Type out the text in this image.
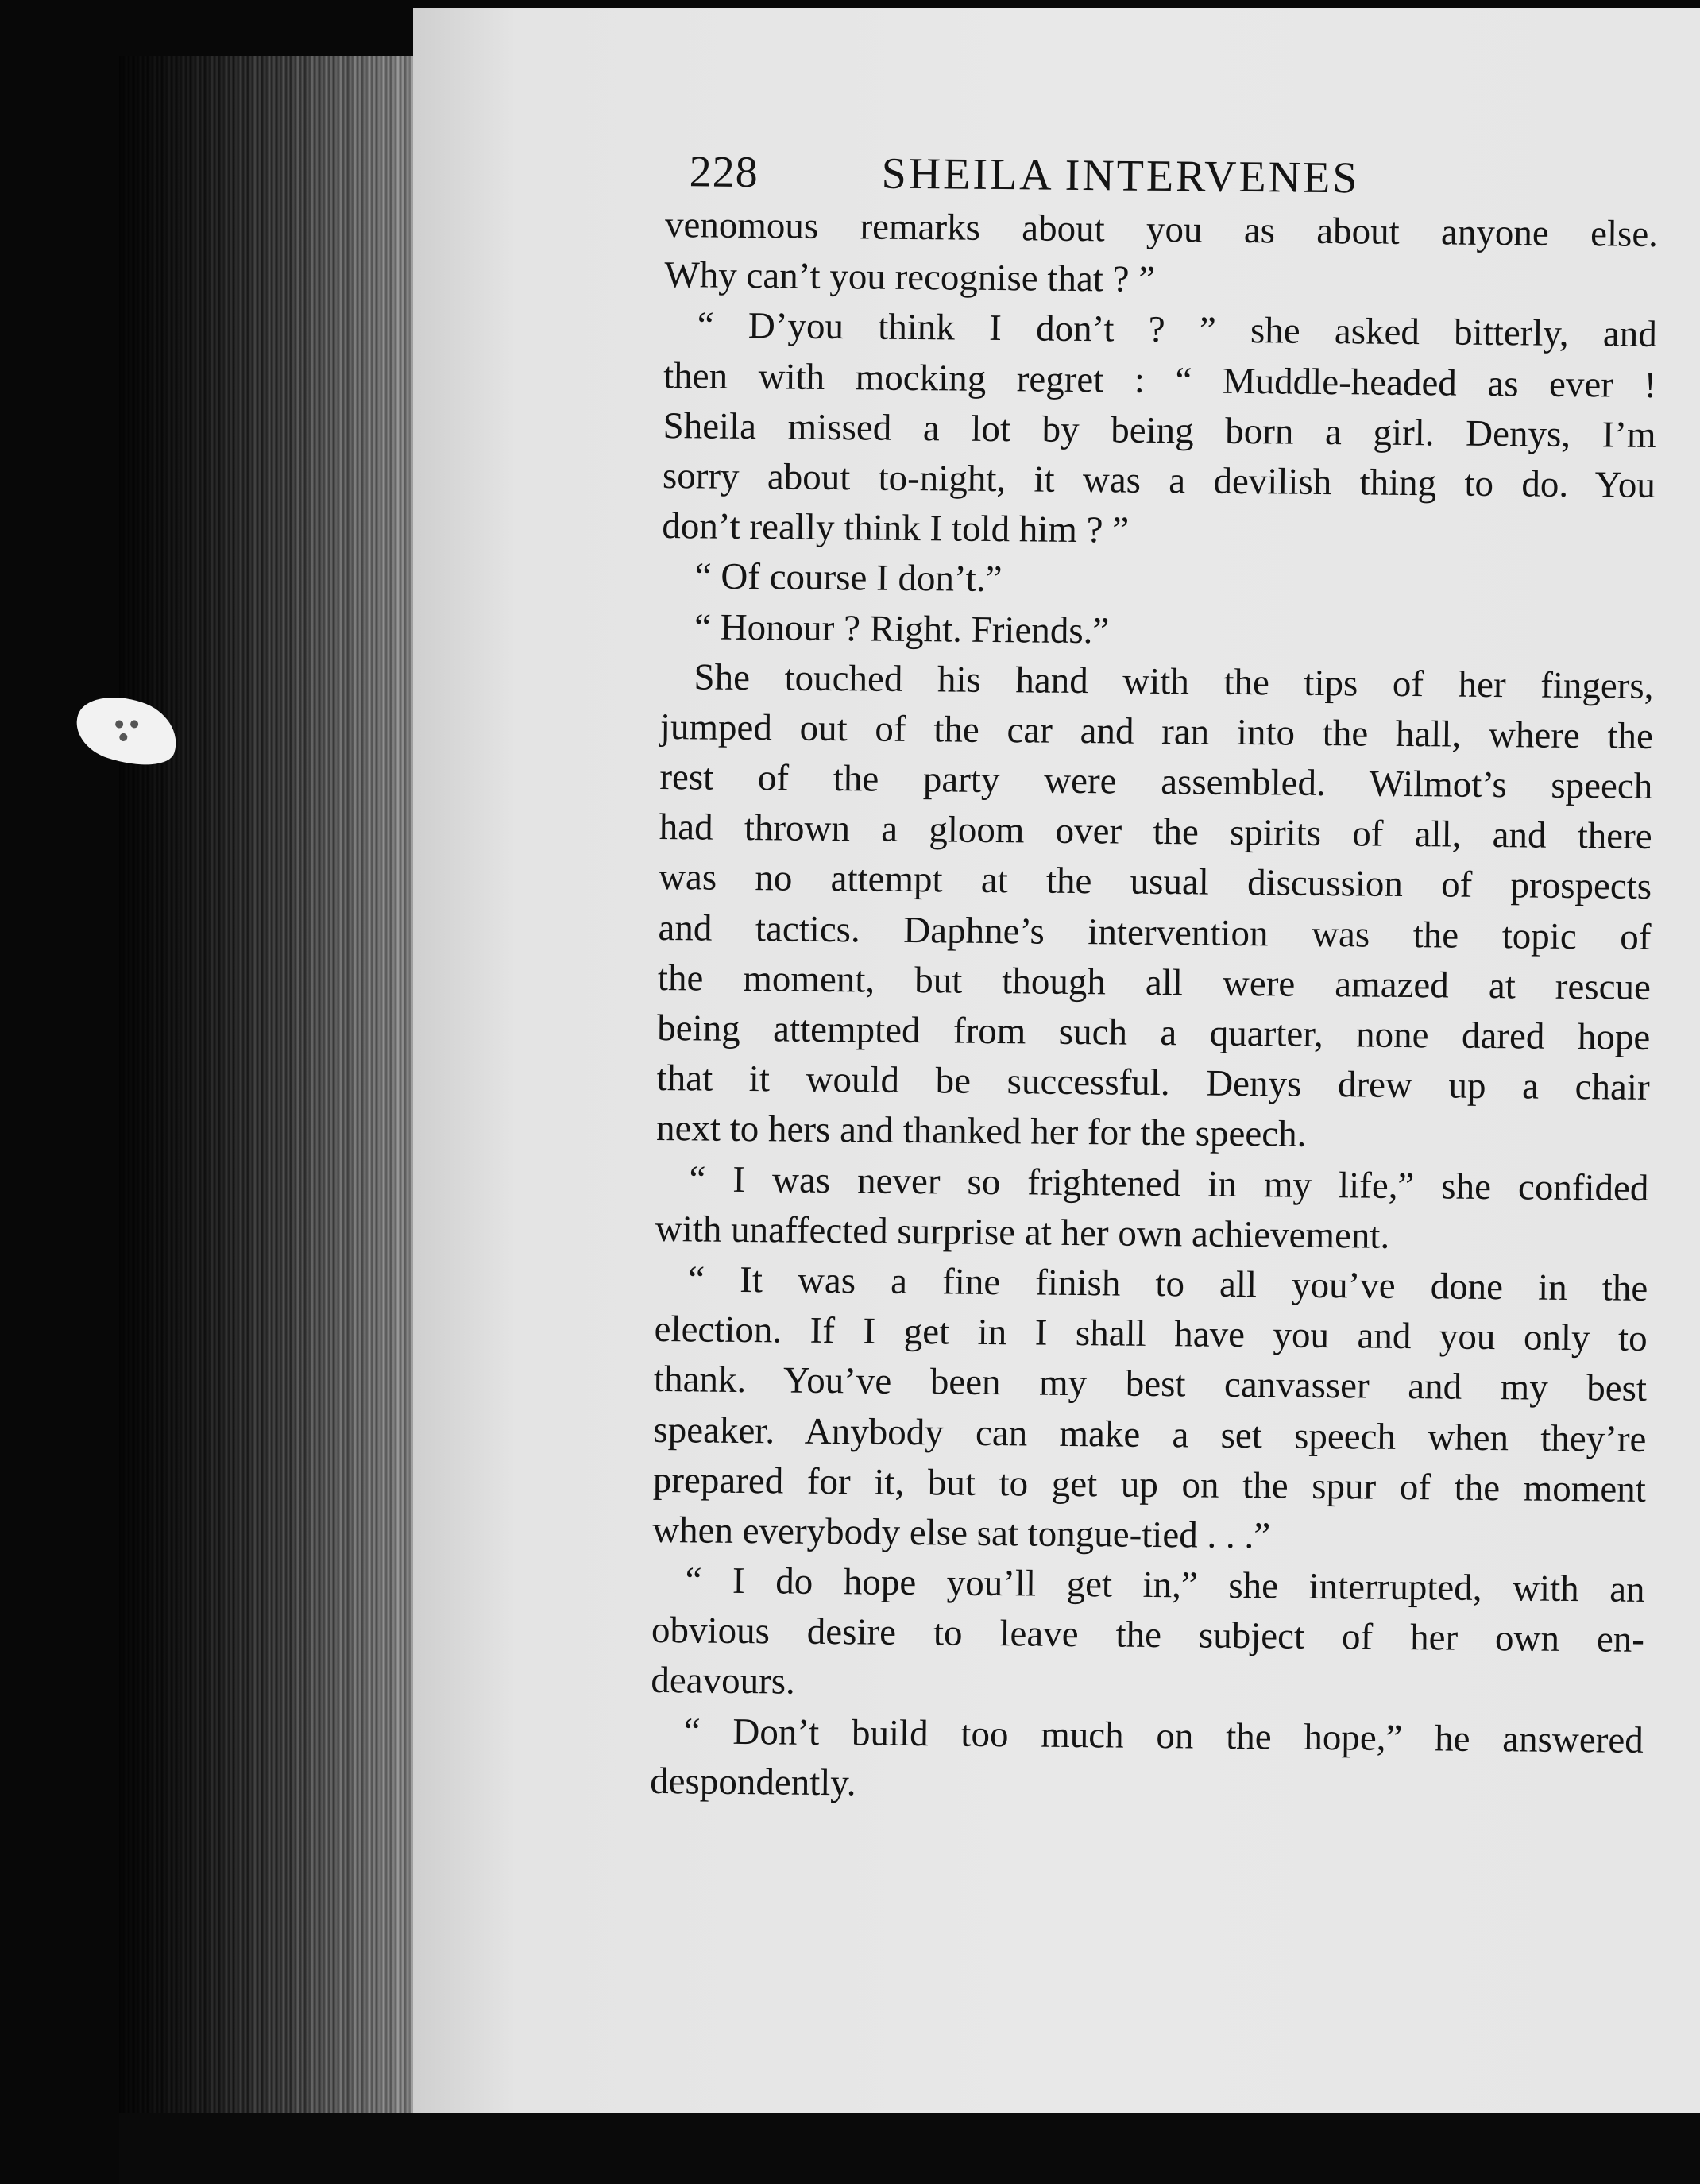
228	SHEILA INTERVENES
venomous remarks about you as about anyone else.
Why can’t you recognise that ? ”
“ D’you think I don’t ? ” she asked bitterly, and
then with mocking regret : “ Muddle-headed as ever !
Sheila missed a lot by being born a girl. Denys, I’m
sorry about to-night, it was a devilish thing to do. You
don’t really think I told him ? ”
“ Of course I don’t.”
“ Honour ? Right. Friends.”
She touched his hand with the tips of her fingers,
jumped out of the car and ran into the hall, where the
rest of the party were assembled. Wilmot’s speech
had thrown a gloom over the spirits of all, and there
was no attempt at the usual discussion of prospects
and tactics. Daphne’s intervention was the topic of
the moment, but though all were amazed at rescue
being attempted from such a quarter, none dared hope
that it would be successful. Denys drew up a chair
next to hers and thanked her for the speech.
“ I was never so frightened in my life,” she confided
with unaffected surprise at her own achievement.
“ It was a fine finish to all you’ve done in the
election. If I get in I shall have you and you only to
thank. You’ve been my best canvasser and my best
speaker. Anybody can make a set speech when they’re
prepared for it, but to get up on the spur of the moment
when everybody else sat tongue-tied . . .”
“ I do hope you’ll get in,” she interrupted, with an
obvious desire to leave the subject of her own en-
deavours.
“ Don’t build too much on the hope,” he answered
despondently.
